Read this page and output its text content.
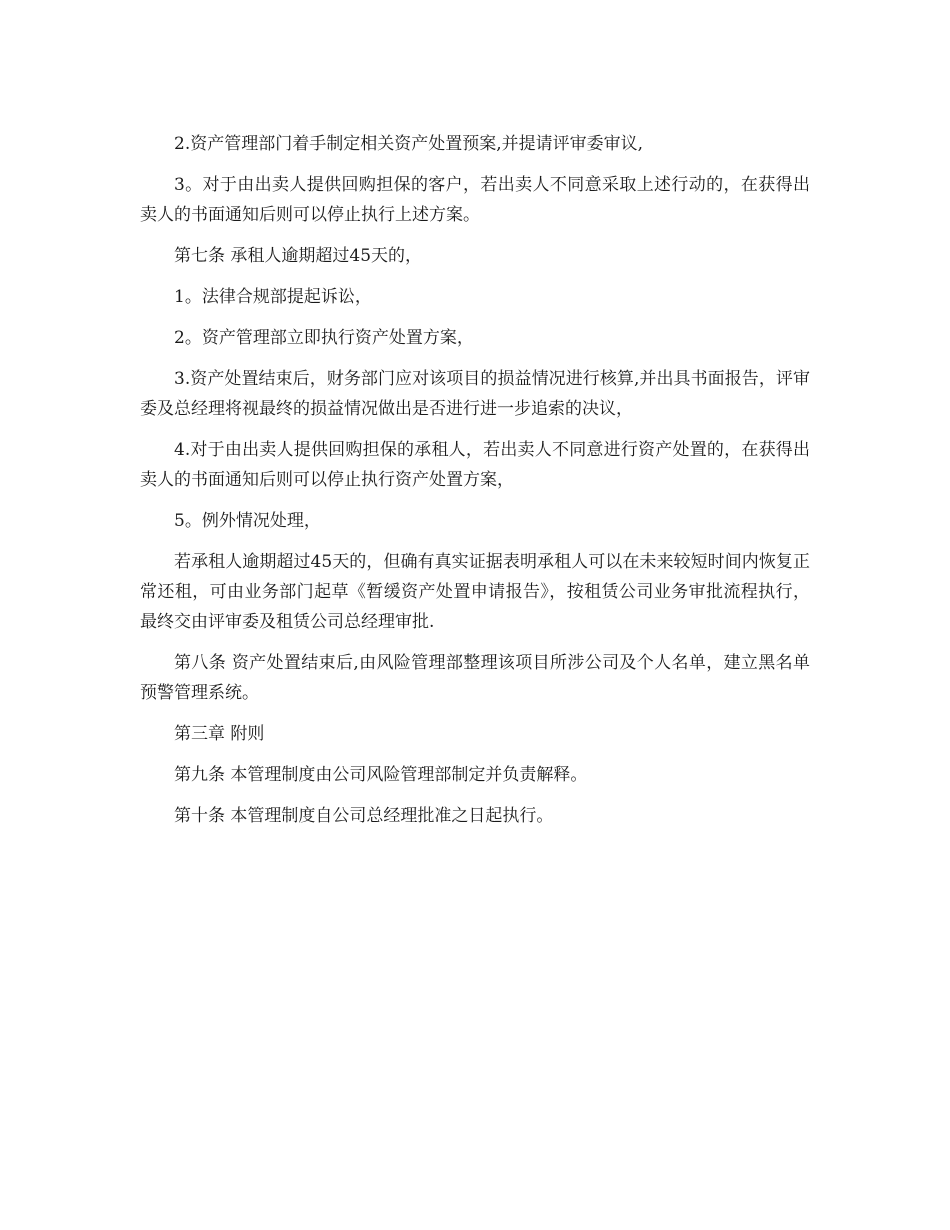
2.资产管理部门着手制定相关资产处置预案,并提请评审委审议,

3。对于由出卖人提供回购担保的客户，若出卖人不同意采取上述行动的，在获得出卖人的书面通知后则可以停止执行上述方案。

第七条 承租人逾期超过45天的，

1。法律合规部提起诉讼，

2。资产管理部立即执行资产处置方案，

3.资产处置结束后，财务部门应对该项目的损益情况进行核算,并出具书面报告，评审委及总经理将视最终的损益情况做出是否进行进一步追索的决议，

4.对于由出卖人提供回购担保的承租人，若出卖人不同意进行资产处置的，在获得出卖人的书面通知后则可以停止执行资产处置方案，

5。例外情况处理，

若承租人逾期超过45天的，但确有真实证据表明承租人可以在未来较短时间内恢复正常还租，可由业务部门起草《暂缓资产处置申请报告》，按租赁公司业务审批流程执行，最终交由评审委及租赁公司总经理审批.

第八条 资产处置结束后,由风险管理部整理该项目所涉公司及个人名单，建立黑名单预警管理系统。

第三章 附则

第九条 本管理制度由公司风险管理部制定并负责解释。

第十条 本管理制度自公司总经理批准之日起执行。
